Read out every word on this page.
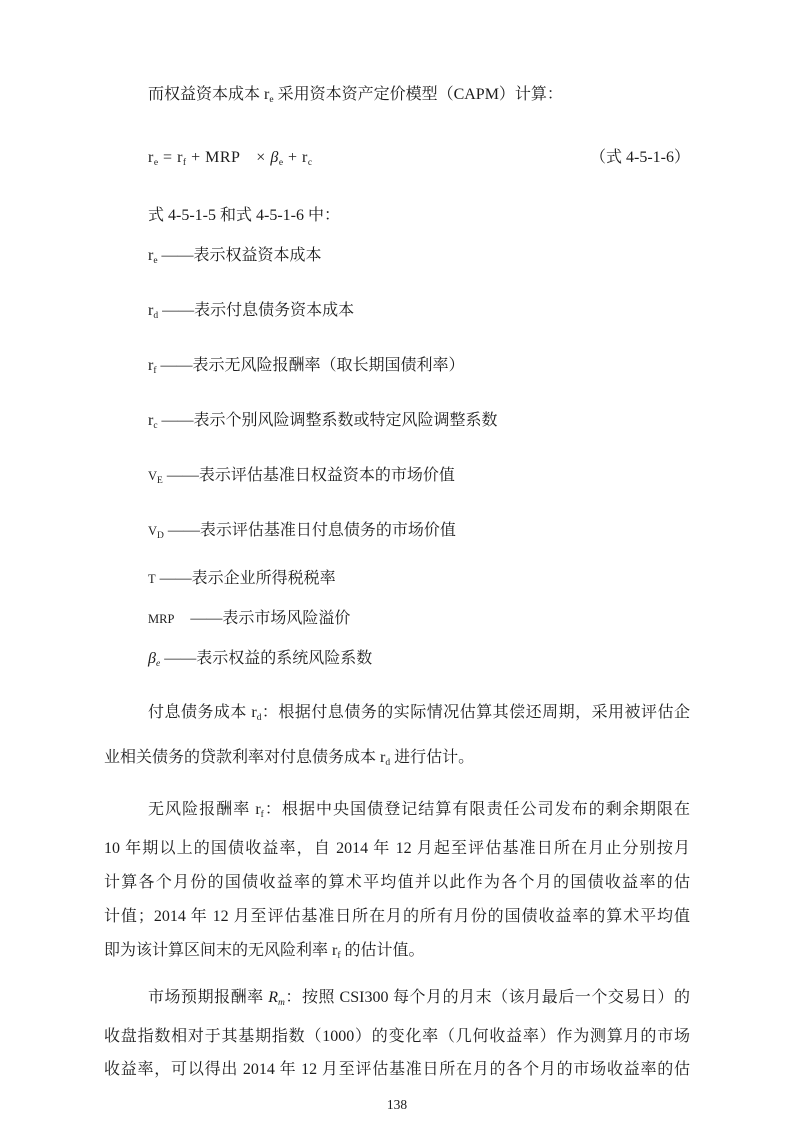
而权益资本成本 $r_e$ 采用资本资产定价模型（CAPM）计算：
$r_e = r_f$ + MRP　× $\beta_e + r_c$	（式 4-5-1-6）
式 4-5-1-5 和式 4-5-1-6 中：
$r_e$ ——表示权益资本成本
$r_d$ ——表示付息债务资本成本
$r_f$ ——表示无风险报酬率（取长期国债利率）
$r_c$ ——表示个别风险调整系数或特定风险调整系数
$V_E$ ——表示评估基准日权益资本的市场价值
$V_D$ ——表示评估基准日付息债务的市场价值
T ——表示企业所得税税率
MRP　——表示市场风险溢价
$\beta_e$ ——表示权益的系统风险系数
付息债务成本 $r_d$：根据付息债务的实际情况估算其偿还周期，采用被评估企
业相关债务的贷款利率对付息债务成本 $r_d$ 进行估计。
无风险报酬率 $r_f$：根据中央国债登记结算有限责任公司发布的剩余期限在
10 年期以上的国债收益率，自 2014 年 12 月起至评估基准日所在月止分别按月
计算各个月份的国债收益率的算术平均值并以此作为各个月的国债收益率的估
计值；2014 年 12 月至评估基准日所在月的所有月份的国债收益率的算术平均值
即为该计算区间末的无风险利率 $r_f$ 的估计值。
市场预期报酬率 $R_m$：按照 CSI300 每个月的月末（该月最后一个交易日）的
收盘指数相对于其基期指数（1000）的变化率（几何收益率）作为测算月的市场
收益率，可以得出 2014 年 12 月至评估基准日所在月的各个月的市场收益率的估
138
